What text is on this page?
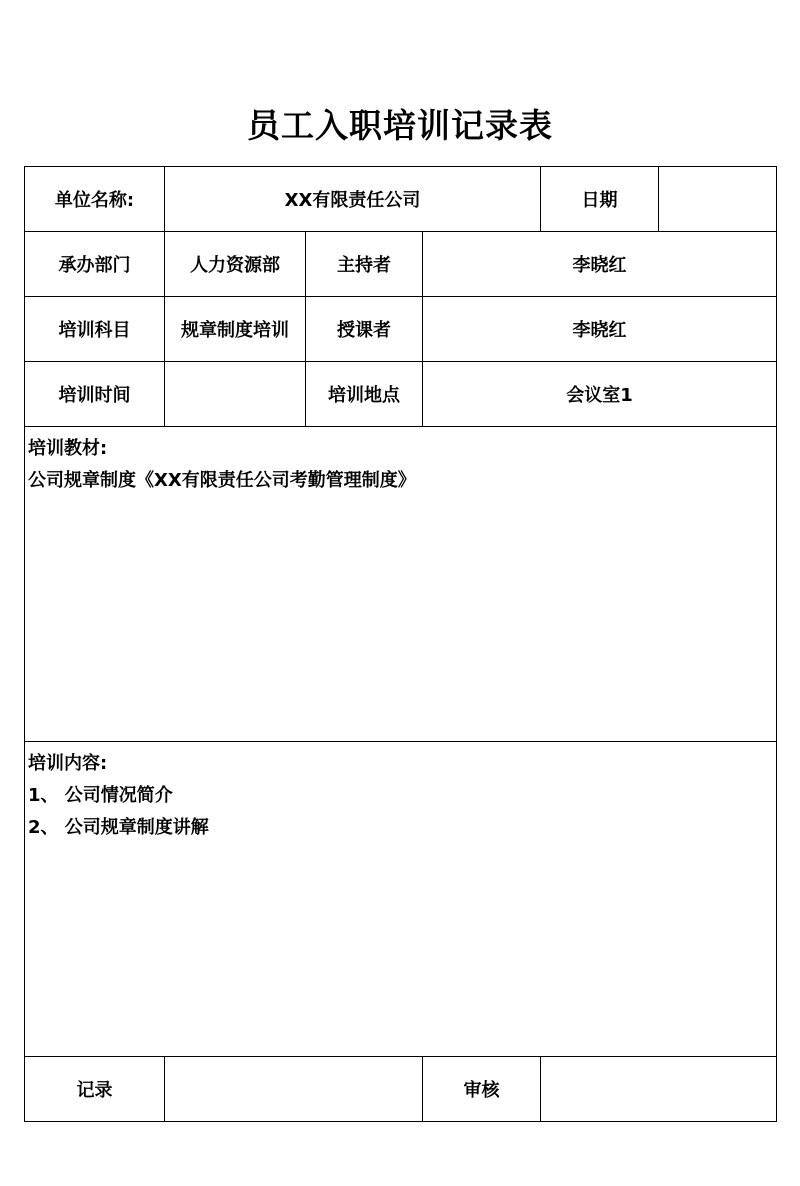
员工入职培训记录表
单位名称:	XX有限责任公司			日期	
承办部门	人力资源部	主持者	李晓红		
培训科目	规章制度培训	授课者	李晓红		
培训时间		培训地点	会议室1		

培训教材:
公司规章制度《XX有限责任公司考勤管理制度》					

培训内容:
1、 公司情况简介
2、 公司规章制度讲解					

记录			审核		
